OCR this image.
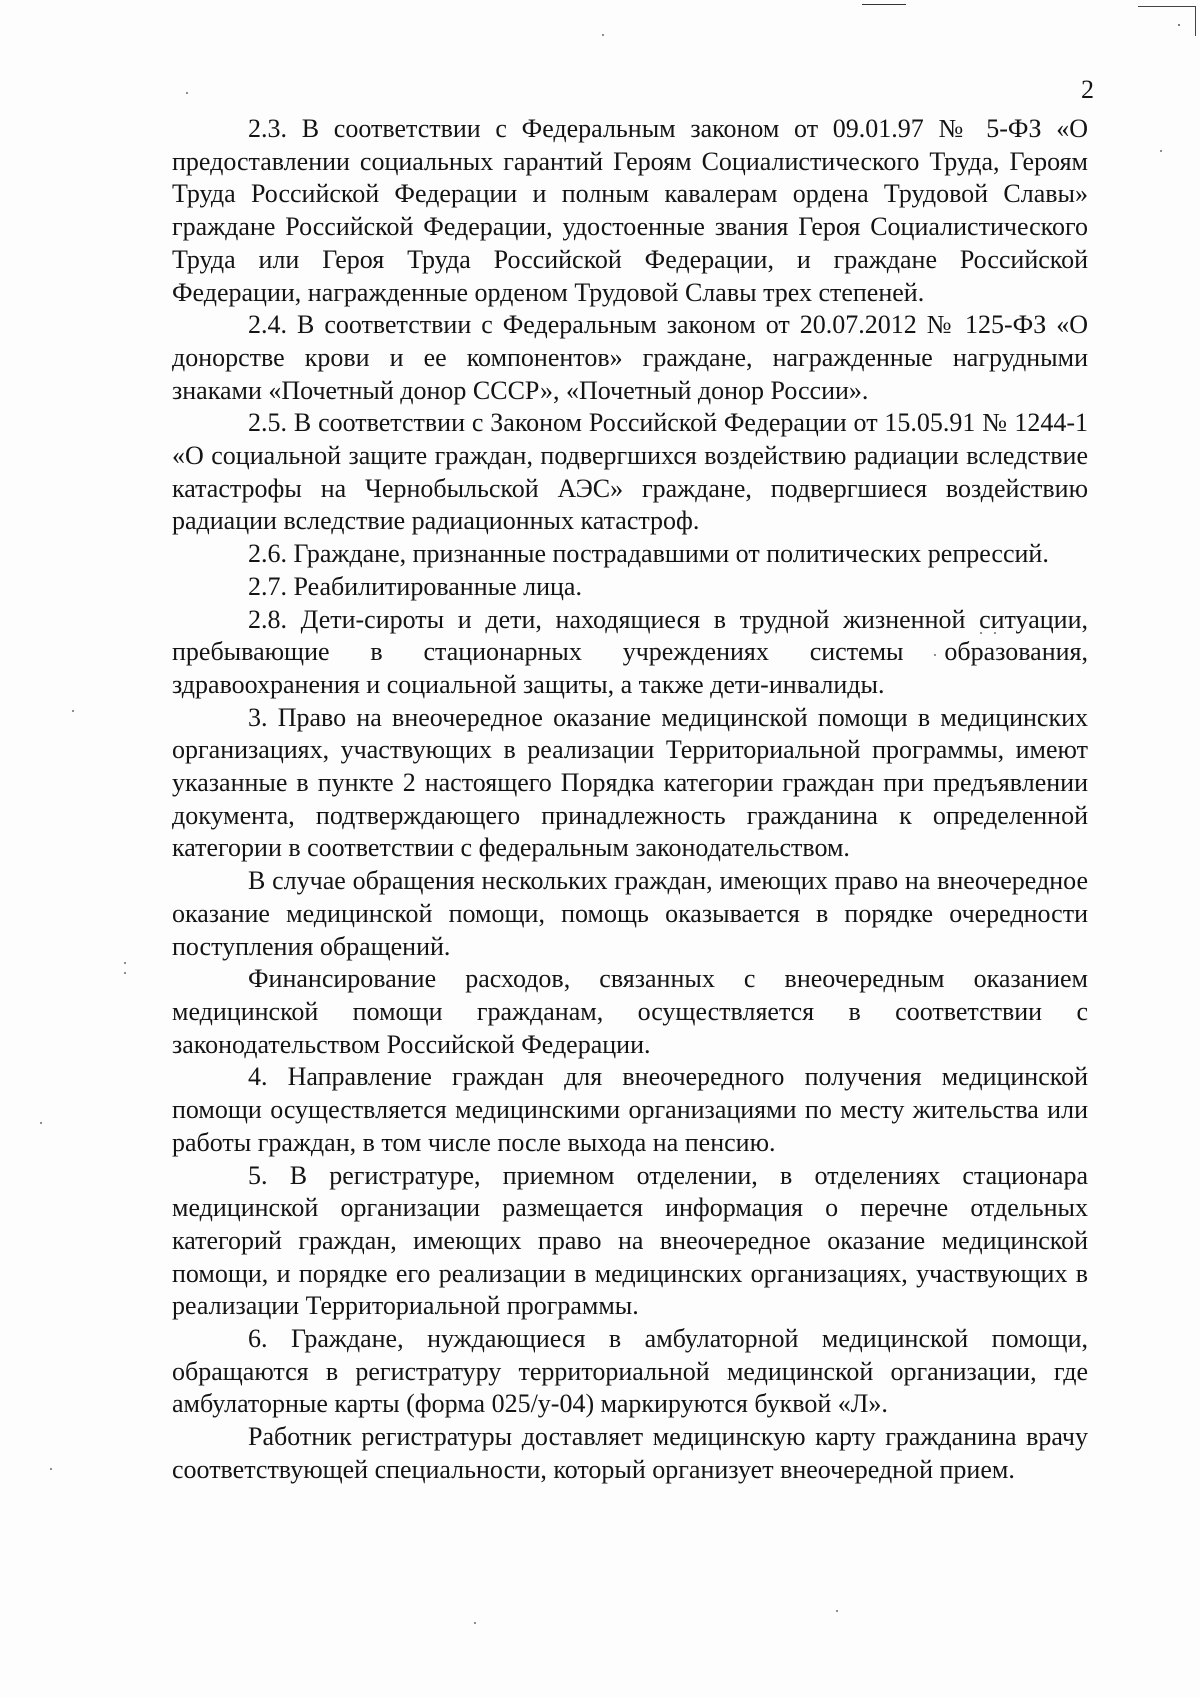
2

2.3. В соответствии с Федеральным законом от 09.01.97 № 5-ФЗ «О предоставлении социальных гарантий Героям Социалистического Труда, Героям Труда Российской Федерации и полным кавалерам ордена Трудовой Славы» граждане Российской Федерации, удостоенные звания Героя Социалистического Труда или Героя Труда Российской Федерации, и граждане Российской Федерации, награжденные орденом Трудовой Славы трех степеней.

2.4. В соответствии с Федеральным законом от 20.07.2012 № 125-ФЗ «О донорстве крови и ее компонентов» граждане, награжденные нагрудными знаками «Почетный донор СССР», «Почетный донор России».

2.5. В соответствии с Законом Российской Федерации от 15.05.91 № 1244-1 «О социальной защите граждан, подвергшихся воздействию радиации вследствие катастрофы на Чернобыльской АЭС» граждане, подвергшиеся воздействию радиации вследствие радиационных катастроф.

2.6. Граждане, признанные пострадавшими от политических репрессий.

2.7. Реабилитированные лица.

2.8. Дети-сироты и дети, находящиеся в трудной жизненной ситуации, пребывающие в стационарных учреждениях системы образования, здравоохранения и социальной защиты, а также дети-инвалиды.

3. Право на внеочередное оказание медицинской помощи в медицинских организациях, участвующих в реализации Территориальной программы, имеют указанные в пункте 2 настоящего Порядка категории граждан при предъявлении документа, подтверждающего принадлежность гражданина к определенной категории в соответствии с федеральным законодательством.

В случае обращения нескольких граждан, имеющих право на внеочередное оказание медицинской помощи, помощь оказывается в порядке очередности поступления обращений.

Финансирование расходов, связанных с внеочередным оказанием медицинской помощи гражданам, осуществляется в соответствии с законодательством Российской Федерации.

4. Направление граждан для внеочередного получения медицинской помощи осуществляется медицинскими организациями по месту жительства или работы граждан, в том числе после выхода на пенсию.

5. В регистратуре, приемном отделении, в отделениях стационара медицинской организации размещается информация о перечне отдельных категорий граждан, имеющих право на внеочередное оказание медицинской помощи, и порядке его реализации в медицинских организациях, участвующих в реализации Территориальной программы.

6. Граждане, нуждающиеся в амбулаторной медицинской помощи, обращаются в регистратуру территориальной медицинской организации, где амбулаторные карты (форма 025/у-04) маркируются буквой «Л».

Работник регистратуры доставляет медицинскую карту гражданина врачу соответствующей специальности, который организует внеочередной прием.
